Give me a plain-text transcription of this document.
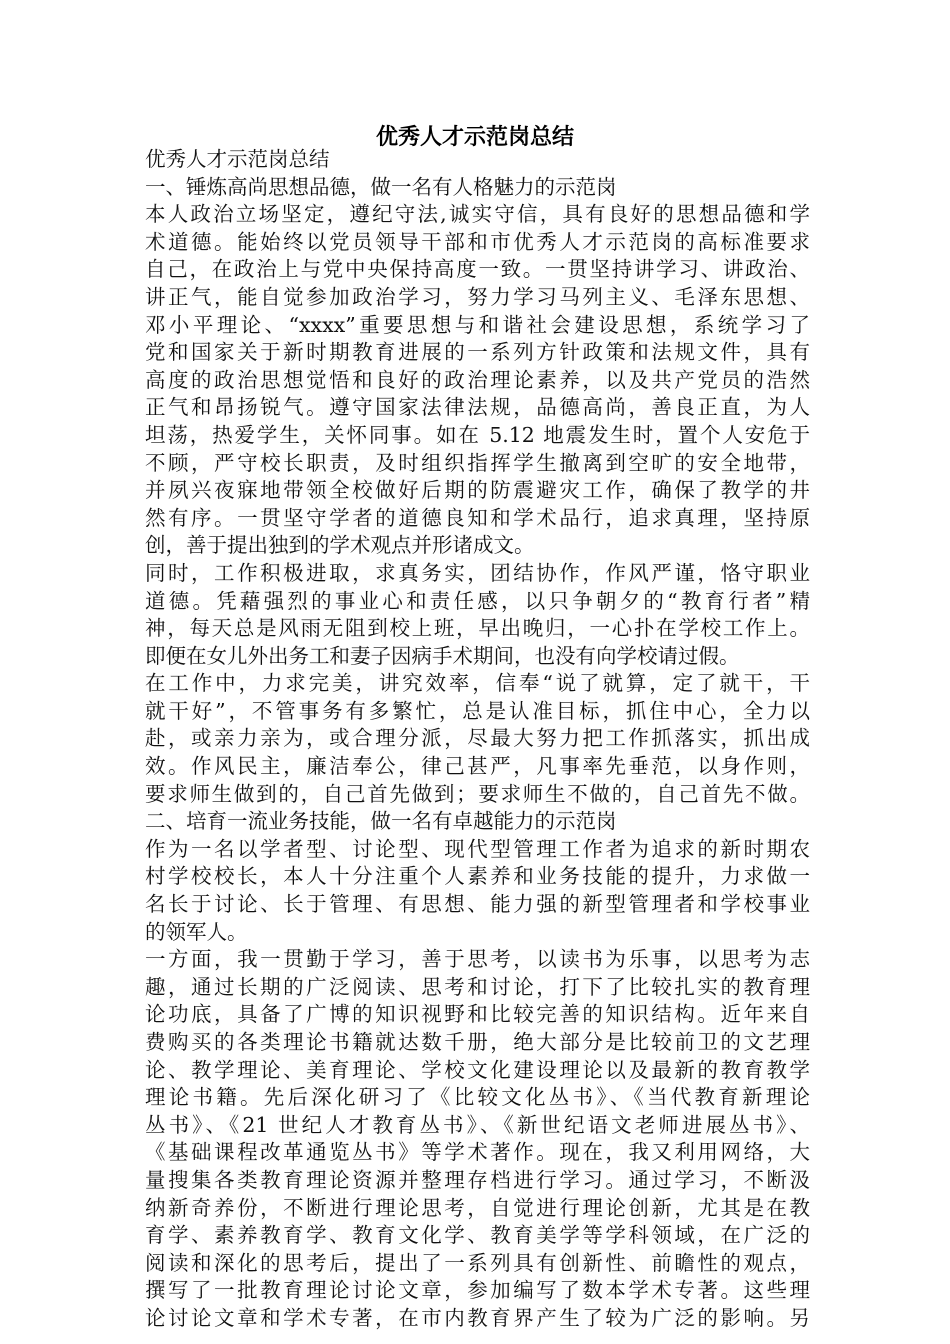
优秀人才示范岗总结
优秀人才示范岗总结
一、锤炼高尚思想品德，做一名有人格魅力的示范岗
本人政治立场坚定，遵纪守法,诚实守信，具有良好的思想品德和学
术道德。能始终以党员领导干部和市优秀人才示范岗的高标准要求
自己，在政治上与党中央保持高度一致。一贯坚持讲学习、讲政治、
讲正气，能自觉参加政治学习，努力学习马列主义、毛泽东思想、
邓小平理论、“xxxx”重要思想与和谐社会建设思想，系统学习了
党和国家关于新时期教育进展的一系列方针政策和法规文件，具有
高度的政治思想觉悟和良好的政治理论素养，以及共产党员的浩然
正气和昂扬锐气。遵守国家法律法规，品德高尚，善良正直，为人
坦荡，热爱学生，关怀同事。如在 5.12 地震发生时，置个人安危于
不顾，严守校长职责，及时组织指挥学生撤离到空旷的安全地带，
并夙兴夜寐地带领全校做好后期的防震避灾工作，确保了教学的井
然有序。一贯坚守学者的道德良知和学术品行，追求真理，坚持原
创，善于提出独到的学术观点并形诸成文。
同时，工作积极进取，求真务实，团结协作，作风严谨，恪守职业
道德。凭藉强烈的事业心和责任感，以只争朝夕的“教育行者”精
神，每天总是风雨无阻到校上班，早出晚归，一心扑在学校工作上。
即便在女儿外出务工和妻子因病手术期间，也没有向学校请过假。
在工作中，力求完美，讲究效率，信奉“说了就算，定了就干，干
就干好”，不管事务有多繁忙，总是认准目标，抓住中心，全力以
赴，或亲力亲为，或合理分派，尽最大努力把工作抓落实，抓出成
效。作风民主，廉洁奉公，律己甚严，凡事率先垂范，以身作则，
要求师生做到的，自己首先做到；要求师生不做的，自己首先不做。
二、培育一流业务技能，做一名有卓越能力的示范岗
作为一名以学者型、讨论型、现代型管理工作者为追求的新时期农
村学校校长，本人十分注重个人素养和业务技能的提升，力求做一
名长于讨论、长于管理、有思想、能力强的新型管理者和学校事业
的领军人。
一方面，我一贯勤于学习，善于思考，以读书为乐事，以思考为志
趣，通过长期的广泛阅读、思考和讨论，打下了比较扎实的教育理
论功底，具备了广博的知识视野和比较完善的知识结构。近年来自
费购买的各类理论书籍就达数千册，绝大部分是比较前卫的文艺理
论、教学理论、美育理论、学校文化建设理论以及最新的教育教学
理论书籍。先后深化研习了《比较文化丛书》、《当代教育新理论
丛书》、《21 世纪人才教育丛书》、《新世纪语文老师进展丛书》、
《基础课程改革通览丛书》等学术著作。现在，我又利用网络，大
量搜集各类教育理论资源并整理存档进行学习。通过学习，不断汲
纳新奇养份，不断进行理论思考，自觉进行理论创新，尤其是在教
育学、素养教育学、教育文化学、教育美学等学科领域，在广泛的
阅读和深化的思考后，提出了一系列具有创新性、前瞻性的观点，
撰写了一批教育理论讨论文章，参加编写了数本学术专著。这些理
论讨论文章和学术专著，在市内教育界产生了较为广泛的影响。另
